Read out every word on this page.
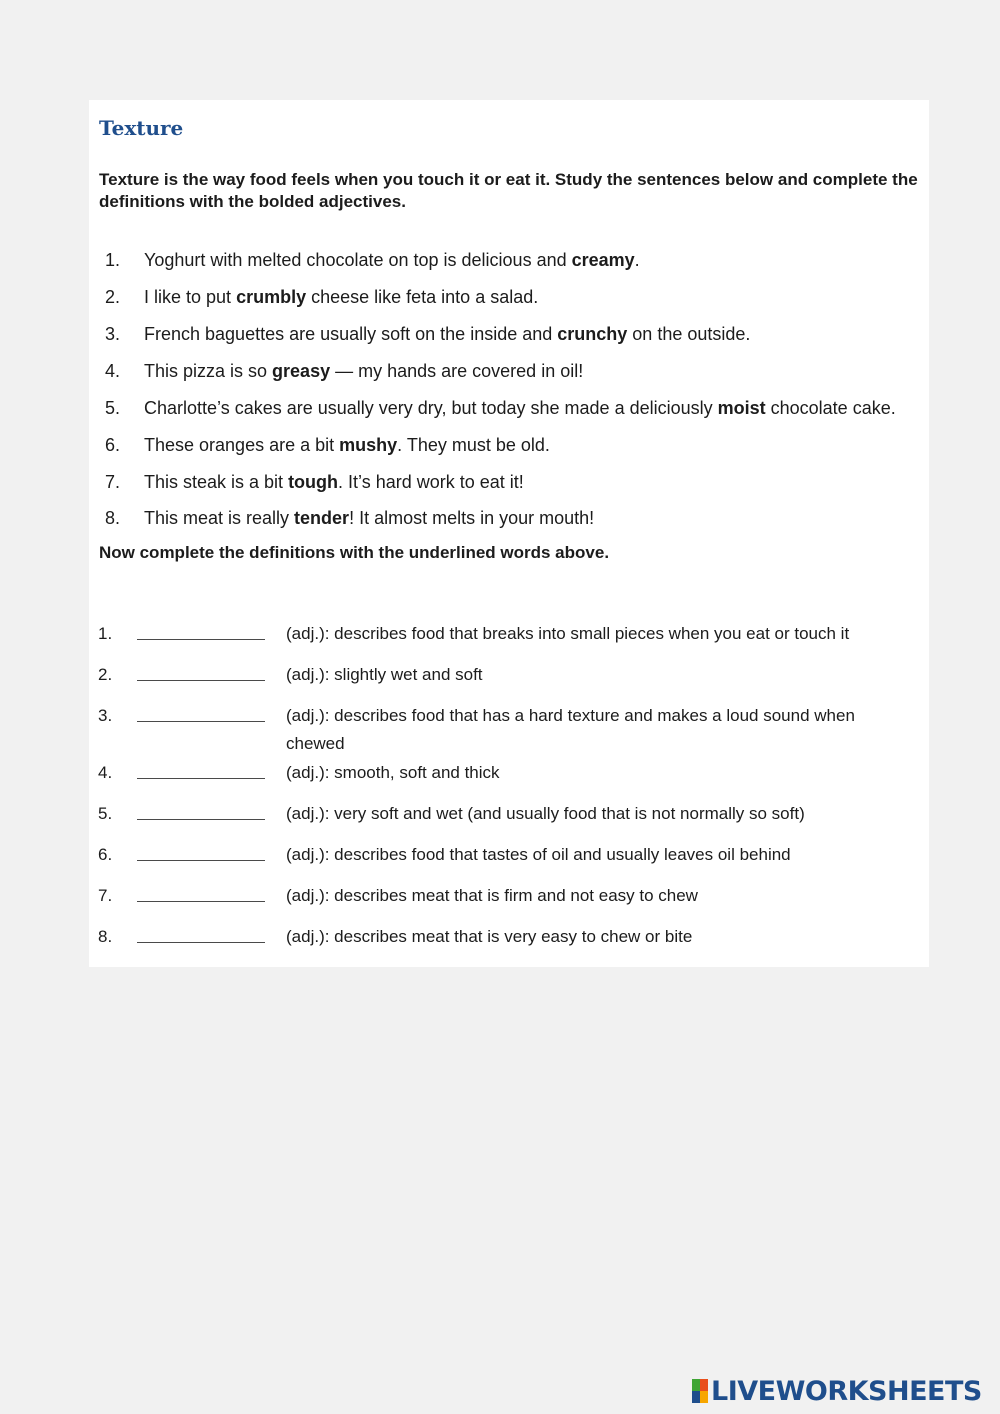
Texture
Texture is the way food feels when you touch it or eat it. Study the sentences below and complete the definitions with the bolded adjectives.
1. Yoghurt with melted chocolate on top is delicious and creamy.
2. I like to put crumbly cheese like feta into a salad.
3. French baguettes are usually soft on the inside and crunchy on the outside.
4. This pizza is so greasy — my hands are covered in oil!
5. Charlotte’s cakes are usually very dry, but today she made a deliciously moist chocolate cake.
6. These oranges are a bit mushy. They must be old.
7. This steak is a bit tough. It’s hard work to eat it!
8. This meat is really tender! It almost melts in your mouth!
Now complete the definitions with the underlined words above.
1.	(adj.): describes food that breaks into small pieces when you eat or touch it
2.	(adj.): slightly wet and soft
3.	(adj.): describes food that has a hard texture and makes a loud sound when chewed
4.	(adj.): smooth, soft and thick
5.	(adj.): very soft and wet (and usually food that is not normally so soft)
6.	(adj.): describes food that tastes of oil and usually leaves oil behind
7.	(adj.): describes meat that is firm and not easy to chew
8.	(adj.): describes meat that is very easy to chew or bite
LIVEWORKSHEETS
